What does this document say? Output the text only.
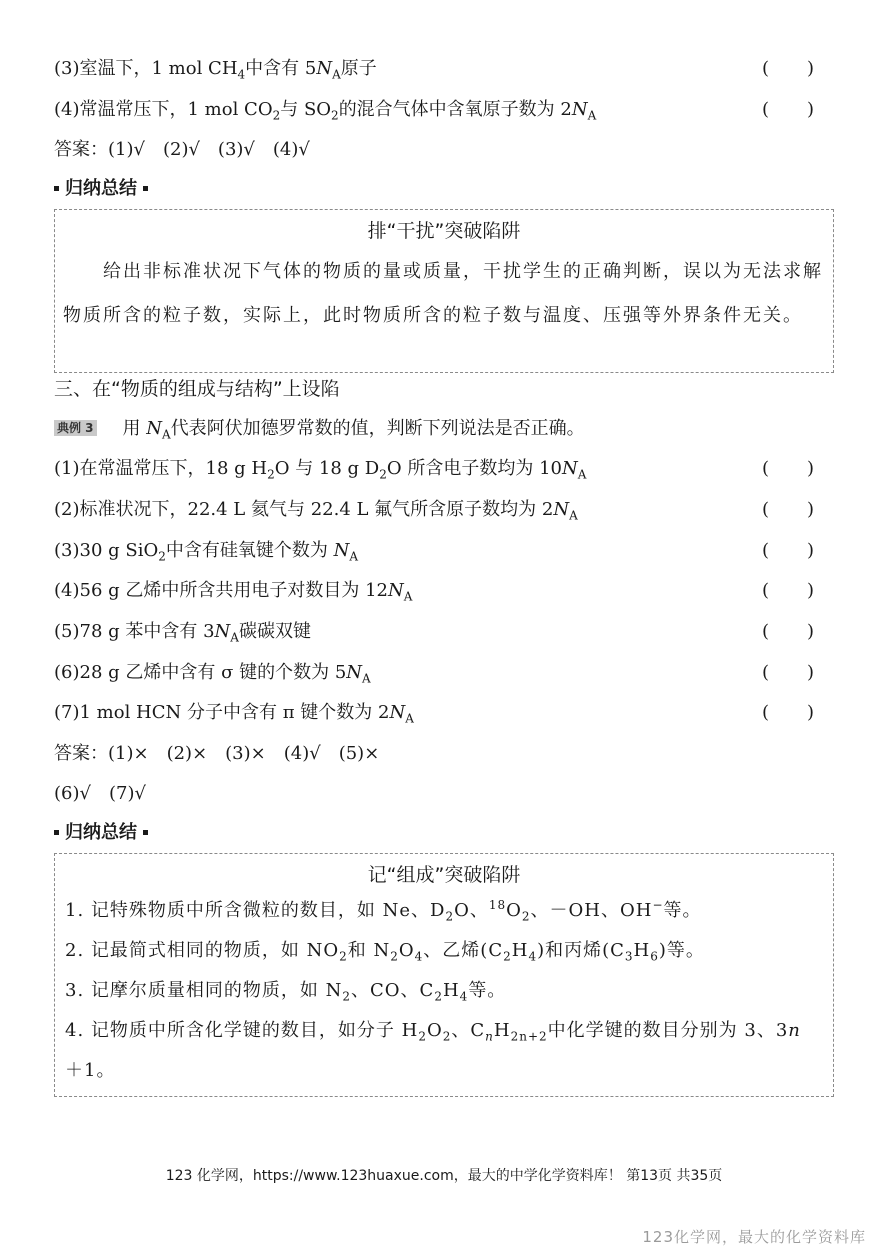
(3)室温下，1 mol $CH_4$中含有 $5N_A$原子	( )
(4)常温常压下，1 mol $CO_2$与 $SO_2$的混合气体中含氧原子数为 $2N_A$	( )
答案：(1)√　(2)√　(3)√　(4)√
归纳总结
排“干扰”突破陷阱
　　给出非标准状况下气体的物质的量或质量，干扰学生的正确判断，误以为无法求解物质所含的粒子数，实际上，此时物质所含的粒子数与温度、压强等外界条件无关。
三、在“物质的组成与结构”上设陷
典例 3 用 $N_A$代表阿伏加德罗常数的值，判断下列说法是否正确。
(1)在常温常压下，18 g $H_2O$ 与 18 g $D_2O$ 所含电子数均为 $10N_A$	( )
(2)标准状况下，22.4 L 氦气与 22.4 L 氟气所含原子数均为 $2N_A$	( )
(3)30 g SiO$_2$中含有硅氧键个数为 $N_A$	( )
(4)56 g 乙烯中所含共用电子对数目为 $12N_A$	( )
(5)78 g 苯中含有 $3N_A$碳碳双键	( )
(6)28 g 乙烯中含有 σ 键的个数为 $5N_A$	( )
(7)1 mol HCN 分子中含有 π 键个数为 $2N_A$	( )
答案：(1)×　(2)×　(3)×　(4)√　(5)×
(6)√　(7)√
归纳总结
记“组成”突破陷阱
1. 记特殊物质中所含微粒的数目，如 Ne、$D_2O$、$^{18}O_2$、－OH、OH−等。
2. 记最简式相同的物质，如 $NO_2$和 $N_2O_4$、乙烯$(C_2H_4)$和丙烯$(C_3H_6)$等。
3. 记摩尔质量相同的物质，如 $N_2$、CO、$C_2H_4$等。
4. 记物质中所含化学键的数目，如分子 $H_2O_2$、$C_nH_{2n+2}$中化学键的数目分别为 3、3n
＋1。
123 化学网，https://www.123huaxue.com，最大的中学化学资料库！ 第13页 共35页
123化学网，最大的化学资料库
